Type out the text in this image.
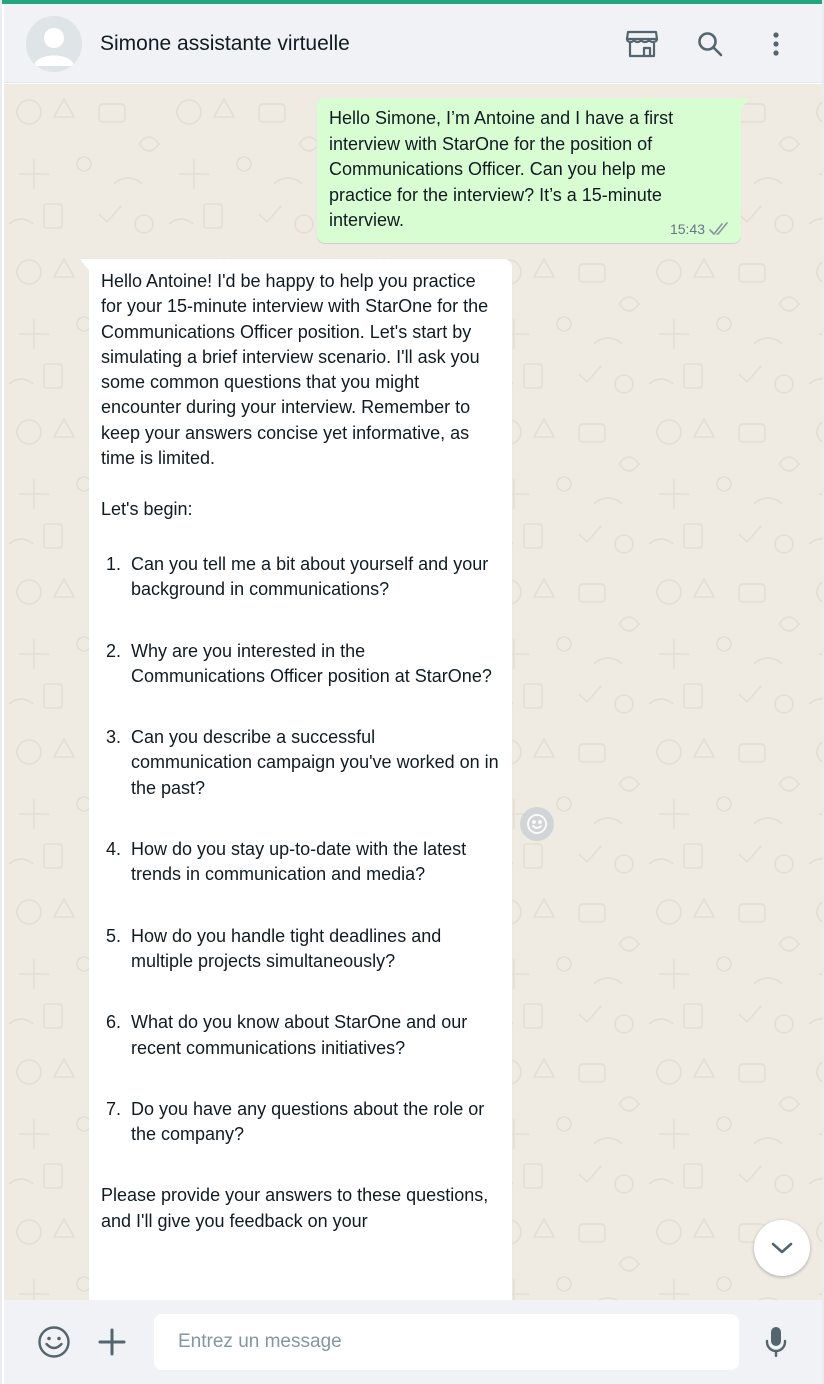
Simone assistante virtuelle
Hello Simone, I’m Antoine and I have a first interview with StarOne for the position of Communications Officer. Can you help me practice for the interview? It’s a 15-minute interview.	15:43

Hello Antoine! I'd be happy to help you practice for your 15-minute interview with StarOne for the Communications Officer position. Let's start by simulating a brief interview scenario. I'll ask you some common questions that you might encounter during your interview. Remember to keep your answers concise yet informative, as time is limited.

Let's begin:

1. Can you tell me a bit about yourself and your background in communications?
2. Why are you interested in the Communications Officer position at StarOne?
3. Can you describe a successful communication campaign you've worked on in the past?
4. How do you stay up-to-date with the latest trends in communication and media?
5. How do you handle tight deadlines and multiple projects simultaneously?
6. What do you know about StarOne and our recent communications initiatives?
7. Do you have any questions about the role or the company?

Please provide your answers to these questions, and I'll give you feedback on your

Entrez un message
